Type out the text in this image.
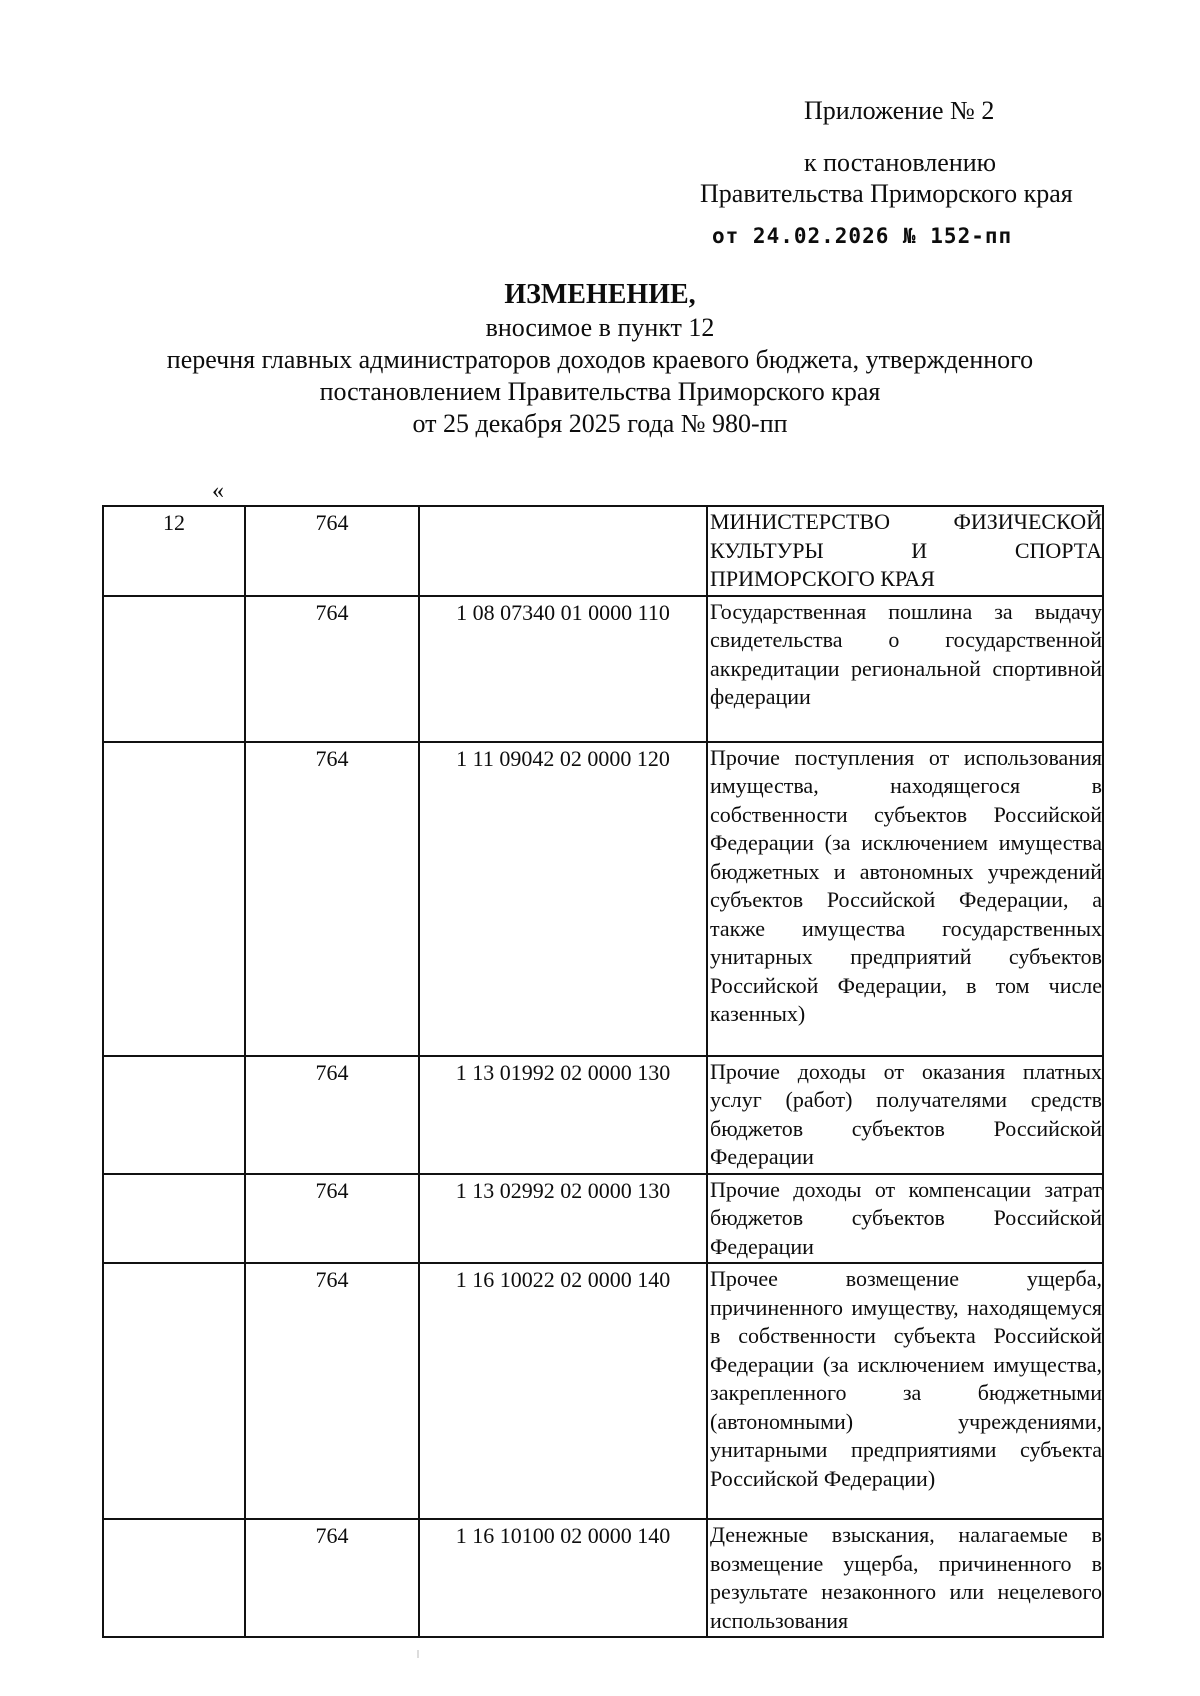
Приложение № 2
к постановлению
Правительства Приморского края
от 24.02.2026 № 152-пп
ИЗМЕНЕНИЕ,
вносимое в пункт 12
перечня главных администраторов доходов краевого бюджета, утвержденного
постановлением Правительства Приморского края
от 25 декабря 2025 года № 980-пп
«
12	764		МИНИСТЕРСТВО ФИЗИЧЕСКОЙ КУЛЬТУРЫ И СПОРТА ПРИМОРСКОГО КРАЯ

	764	1 08 07340 01 0000 110	Государственная пошлина за выдачу свидетельства о государственной аккредитации региональной спортивной федерации

	764	1 11 09042 02 0000 120	Прочие поступления от использования имущества, находящегося в собственности субъектов Российской Федерации (за исключением имущества бюджетных и автономных учреждений субъектов Российской Федерации, а также имущества государственных унитарных предприятий субъектов Российской Федерации, в том числе казенных)

	764	1 13 01992 02 0000 130	Прочие доходы от оказания платных услуг (работ) получателями средств бюджетов субъектов Российской Федерации

	764	1 13 02992 02 0000 130	Прочие доходы от компенсации затрат бюджетов субъектов Российской Федерации

	764	1 16 10022 02 0000 140	Прочее возмещение ущерба, причиненного имуществу, находящемуся в собственности субъекта Российской Федерации (за исключением имущества, закрепленного за бюджетными (автономными) учреждениями, унитарными предприятиями субъекта Российской Федерации)

	764	1 16 10100 02 0000 140	Денежные взыскания, налагаемые в возмещение ущерба, причиненного в результате незаконного или нецелевого использования
